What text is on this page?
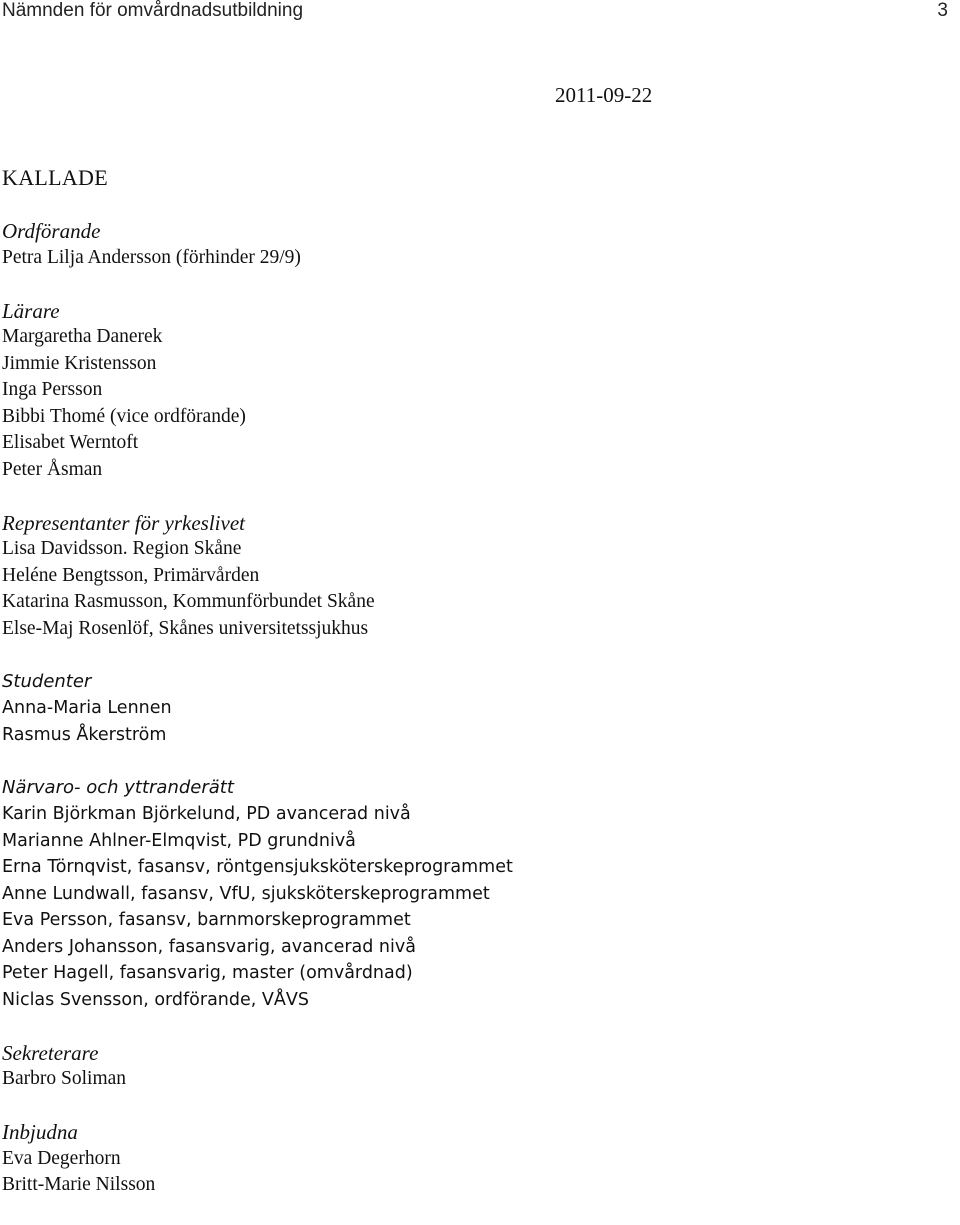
Nämnden för omvårdnadsutbildning	3
2011-09-22
KALLADE
Ordförande
Petra Lilja Andersson (förhinder 29/9)
Lärare
Margaretha Danerek
Jimmie Kristensson
Inga Persson
Bibbi Thomé (vice ordförande)
Elisabet Werntoft
Peter Åsman
Representanter för yrkeslivet
Lisa Davidsson. Region Skåne
Heléne Bengtsson, Primärvården
Katarina Rasmusson, Kommunförbundet Skåne
Else-Maj Rosenlöf, Skånes universitetssjukhus
Studenter
Anna-Maria Lennen
Rasmus Åkerström
Närvaro- och yttranderätt
Karin Björkman Björkelund, PD avancerad nivå
Marianne Ahlner-Elmqvist, PD grundnivå
Erna Törnqvist, fasansv, röntgensjuksköterskeprogrammet
Anne Lundwall, fasansv, VfU, sjuksköterskeprogrammet
Eva Persson, fasansv, barnmorskeprogrammet
Anders Johansson, fasansvarig, avancerad nivå
Peter Hagell, fasansvarig, master (omvårdnad)
Niclas Svensson, ordförande, VÅVS
Sekreterare
Barbro Soliman
Inbjudna
Eva Degerhorn
Britt-Marie Nilsson
